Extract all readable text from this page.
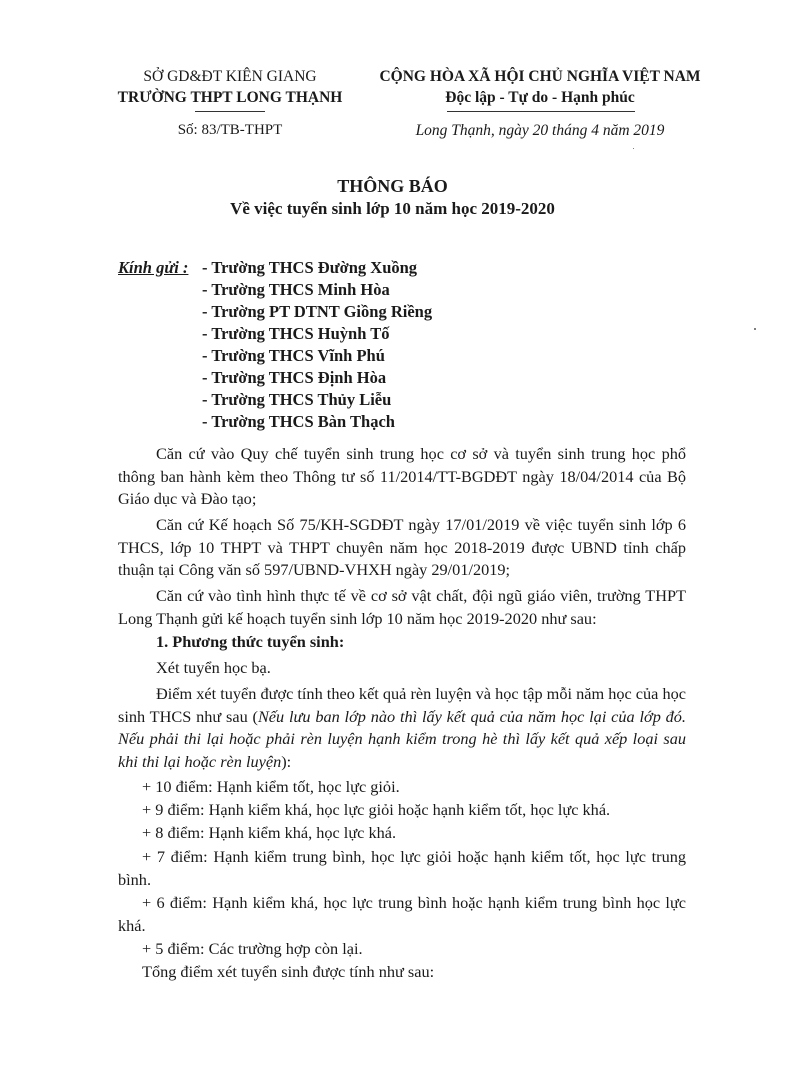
SỞ GD&ĐT KIÊN GIANG
TRƯỜNG THPT LONG THẠNH
Số: 83/TB-THPT
CỘNG HÒA XÃ HỘI CHỦ NGHĨA VIỆT NAM
Độc lập - Tự do - Hạnh phúc
Long Thạnh, ngày 20 tháng 4 năm 2019
THÔNG BÁO
Về việc tuyển sinh lớp 10 năm học 2019-2020
Kính gửi : - Trường THCS Đường Xuồng
- Trường THCS Minh Hòa
- Trường PT DTNT Giồng Riềng
- Trường THCS Huỳnh Tố
- Trường THCS Vĩnh Phú
- Trường THCS Định Hòa
- Trường THCS Thủy Liễu
- Trường THCS Bàn Thạch
Căn cứ vào Quy chế tuyển sinh trung học cơ sở và tuyển sinh trung học phổ thông ban hành kèm theo Thông tư số 11/2014/TT-BGDĐT ngày 18/04/2014 của Bộ Giáo dục và Đào tạo;
Căn cứ Kế hoạch Số 75/KH-SGDĐT ngày 17/01/2019 về việc tuyển sinh lớp 6 THCS, lớp 10 THPT và THPT chuyên năm học 2018-2019 được UBND tỉnh chấp thuận tại Công văn số 597/UBND-VHXH ngày 29/01/2019;
Căn cứ vào tình hình thực tế về cơ sở vật chất, đội ngũ giáo viên, trường THPT Long Thạnh gửi kế hoạch tuyển sinh lớp 10 năm học 2019-2020 như sau:
1. Phương thức tuyển sinh:
Xét tuyển học bạ.
Điểm xét tuyển được tính theo kết quả rèn luyện và học tập mỗi năm học của học sinh THCS như sau (Nếu lưu ban lớp nào thì lấy kết quả của năm học lại của lớp đó. Nếu phải thi lại hoặc phải rèn luyện hạnh kiểm trong hè thì lấy kết quả xếp loại sau khi thi lại hoặc rèn luyện):
+ 10 điểm: Hạnh kiểm tốt, học lực giỏi.
+ 9 điểm: Hạnh kiểm khá, học lực giỏi hoặc hạnh kiểm tốt, học lực khá.
+ 8 điểm: Hạnh kiểm khá, học lực khá.
+ 7 điểm: Hạnh kiểm trung bình, học lực giỏi hoặc hạnh kiểm tốt, học lực trung bình.
+ 6 điểm: Hạnh kiểm khá, học lực trung bình hoặc hạnh kiểm trung bình học lực khá.
+ 5 điểm: Các trường hợp còn lại.
Tổng điểm xét tuyển sinh được tính như sau:
